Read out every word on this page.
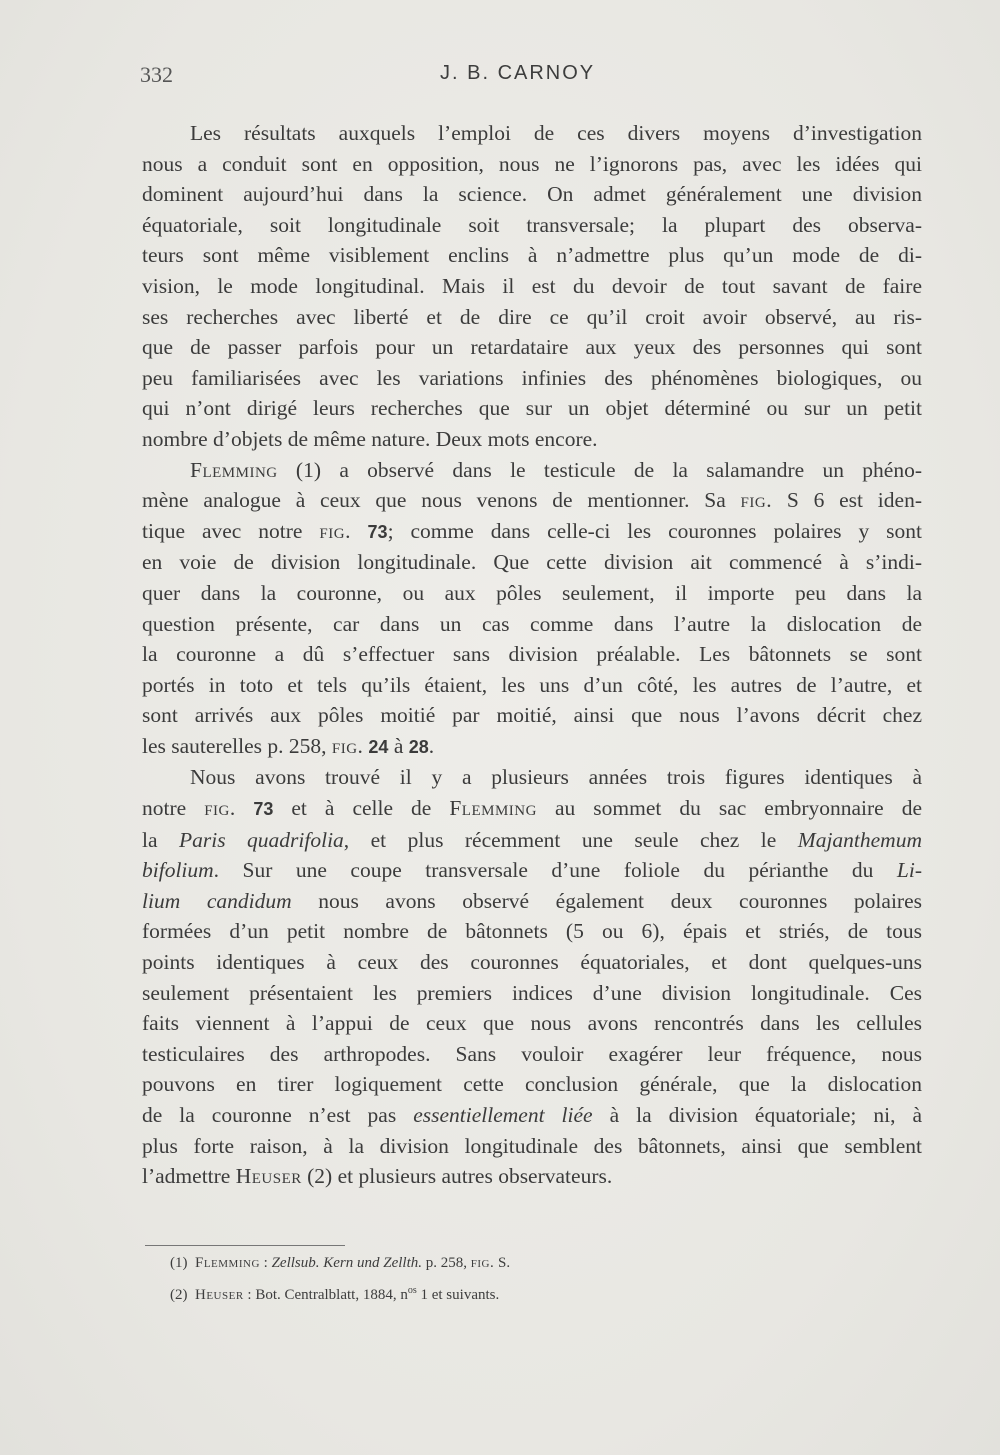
332	J. B. CARNOY
Les résultats auxquels l’emploi de ces divers moyens d’investigation
nous a conduit sont en opposition, nous ne l’ignorons pas, avec les idées qui
dominent aujourd’hui dans la science. On admet généralement une division
équatoriale, soit longitudinale soit transversale; la plupart des observa-
teurs sont même visiblement enclins à n’admettre plus qu’un mode de di-
vision, le mode longitudinal. Mais il est du devoir de tout savant de faire
ses recherches avec liberté et de dire ce qu’il croit avoir observé, au ris-
que de passer parfois pour un retardataire aux yeux des personnes qui sont
peu familiarisées avec les variations infinies des phénomènes biologiques, ou
qui n’ont dirigé leurs recherches que sur un objet déterminé ou sur un petit
nombre d’objets de même nature. Deux mots encore.
Flemming (1) a observé dans le testicule de la salamandre un phéno-
mène analogue à ceux que nous venons de mentionner. Sa fig. S 6 est iden-
tique avec notre fig. 73; comme dans celle-ci les couronnes polaires y sont
en voie de division longitudinale. Que cette division ait commencé à s’indi-
quer dans la couronne, ou aux pôles seulement, il importe peu dans la
question présente, car dans un cas comme dans l’autre la dislocation de
la couronne a dû s’effectuer sans division préalable. Les bâtonnets se sont
portés in toto et tels qu’ils étaient, les uns d’un côté, les autres de l’autre, et
sont arrivés aux pôles moitié par moitié, ainsi que nous l’avons décrit chez
les sauterelles p. 258, fig. 24 à 28.
Nous avons trouvé il y a plusieurs années trois figures identiques à
notre fig. 73 et à celle de Flemming au sommet du sac embryonnaire de
la Paris quadrifolia, et plus récemment une seule chez le Majanthemum
bifolium. Sur une coupe transversale d’une foliole du périanthe du Li-
lium candidum nous avons observé également deux couronnes polaires
formées d’un petit nombre de bâtonnets (5 ou 6), épais et striés, de tous
points identiques à ceux des couronnes équatoriales, et dont quelques-uns
seulement présentaient les premiers indices d’une division longitudinale. Ces
faits viennent à l’appui de ceux que nous avons rencontrés dans les cellules
testiculaires des arthropodes. Sans vouloir exagérer leur fréquence, nous
pouvons en tirer logiquement cette conclusion générale, que la dislocation
de la couronne n’est pas essentiellement liée à la division équatoriale; ni, à
plus forte raison, à la division longitudinale des bâtonnets, ainsi que semblent
l’admettre Heuser (2) et plusieurs autres observateurs.
(1) Flemming : Zellsub. Kern und Zellth. p. 258, fig. S.
(2) Heuser : Bot. Centralblatt, 1884, $n^{os}$ 1 et suivants.
